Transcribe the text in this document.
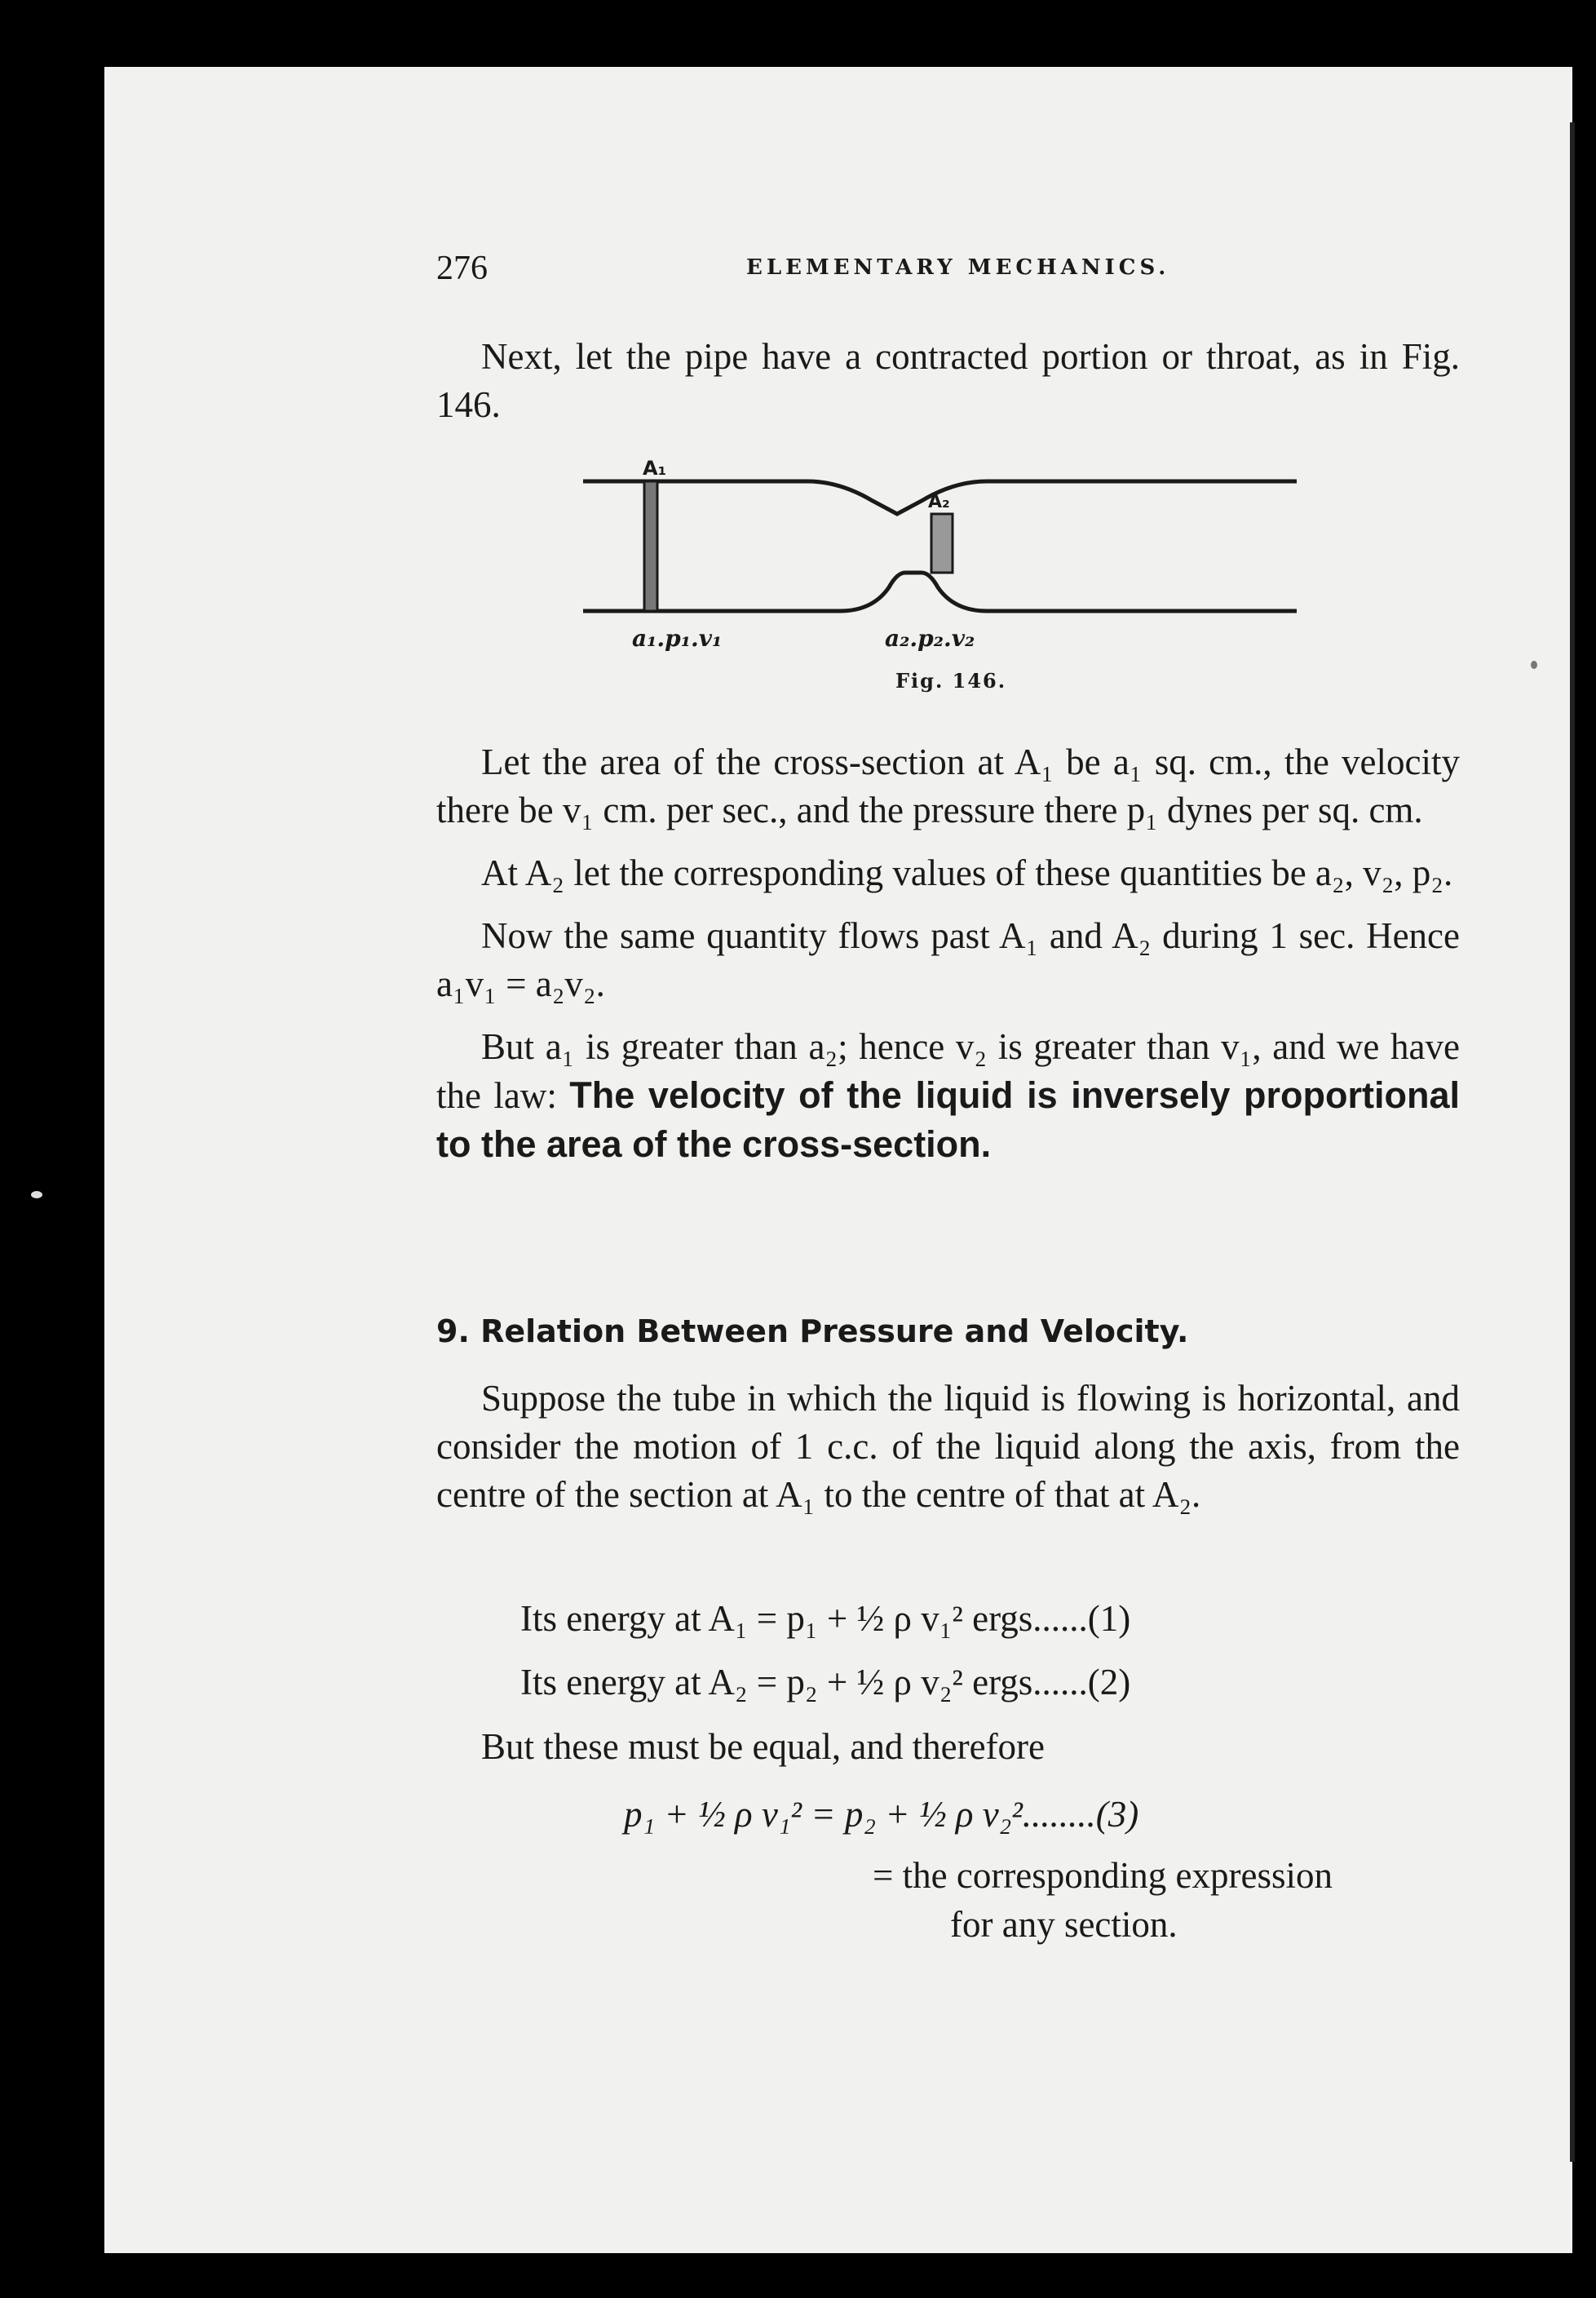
276	ELEMENTARY MECHANICS.

Next, let the pipe have a contracted portion or throat, as in Fig. 146.

A₁
A₂
a₁.p₁.v₁	a₂.p₂.v₂
Fig. 146.

Let the area of the cross-section at A₁ be a₁ sq. cm., the velocity there be v₁ cm. per sec., and the pressure there p₁ dynes per sq. cm.

At A₂ let the corresponding values of these quantities be a₂, v₂, p₂.

Now the same quantity flows past A₁ and A₂ during 1 sec. Hence a₁v₁ = a₂v₂.

But a₁ is greater than a₂; hence v₂ is greater than v₁, and we have the law: The velocity of the liquid is inversely proportional to the area of the cross-section.

9. Relation Between Pressure and Velocity.

Suppose the tube in which the liquid is flowing is horizontal, and consider the motion of 1 c.c. of the liquid along the axis, from the centre of the section at A₁ to the centre of that at A₂.

Its energy at A₁ = p₁ + ½ ρ v₁² ergs......(1)
Its energy at A₂ = p₂ + ½ ρ v₂² ergs......(2)
But these must be equal, and therefore
p₁ + ½ ρ v₁² = p₂ + ½ ρ v₂²........(3)
= the corresponding expression
for any section.
